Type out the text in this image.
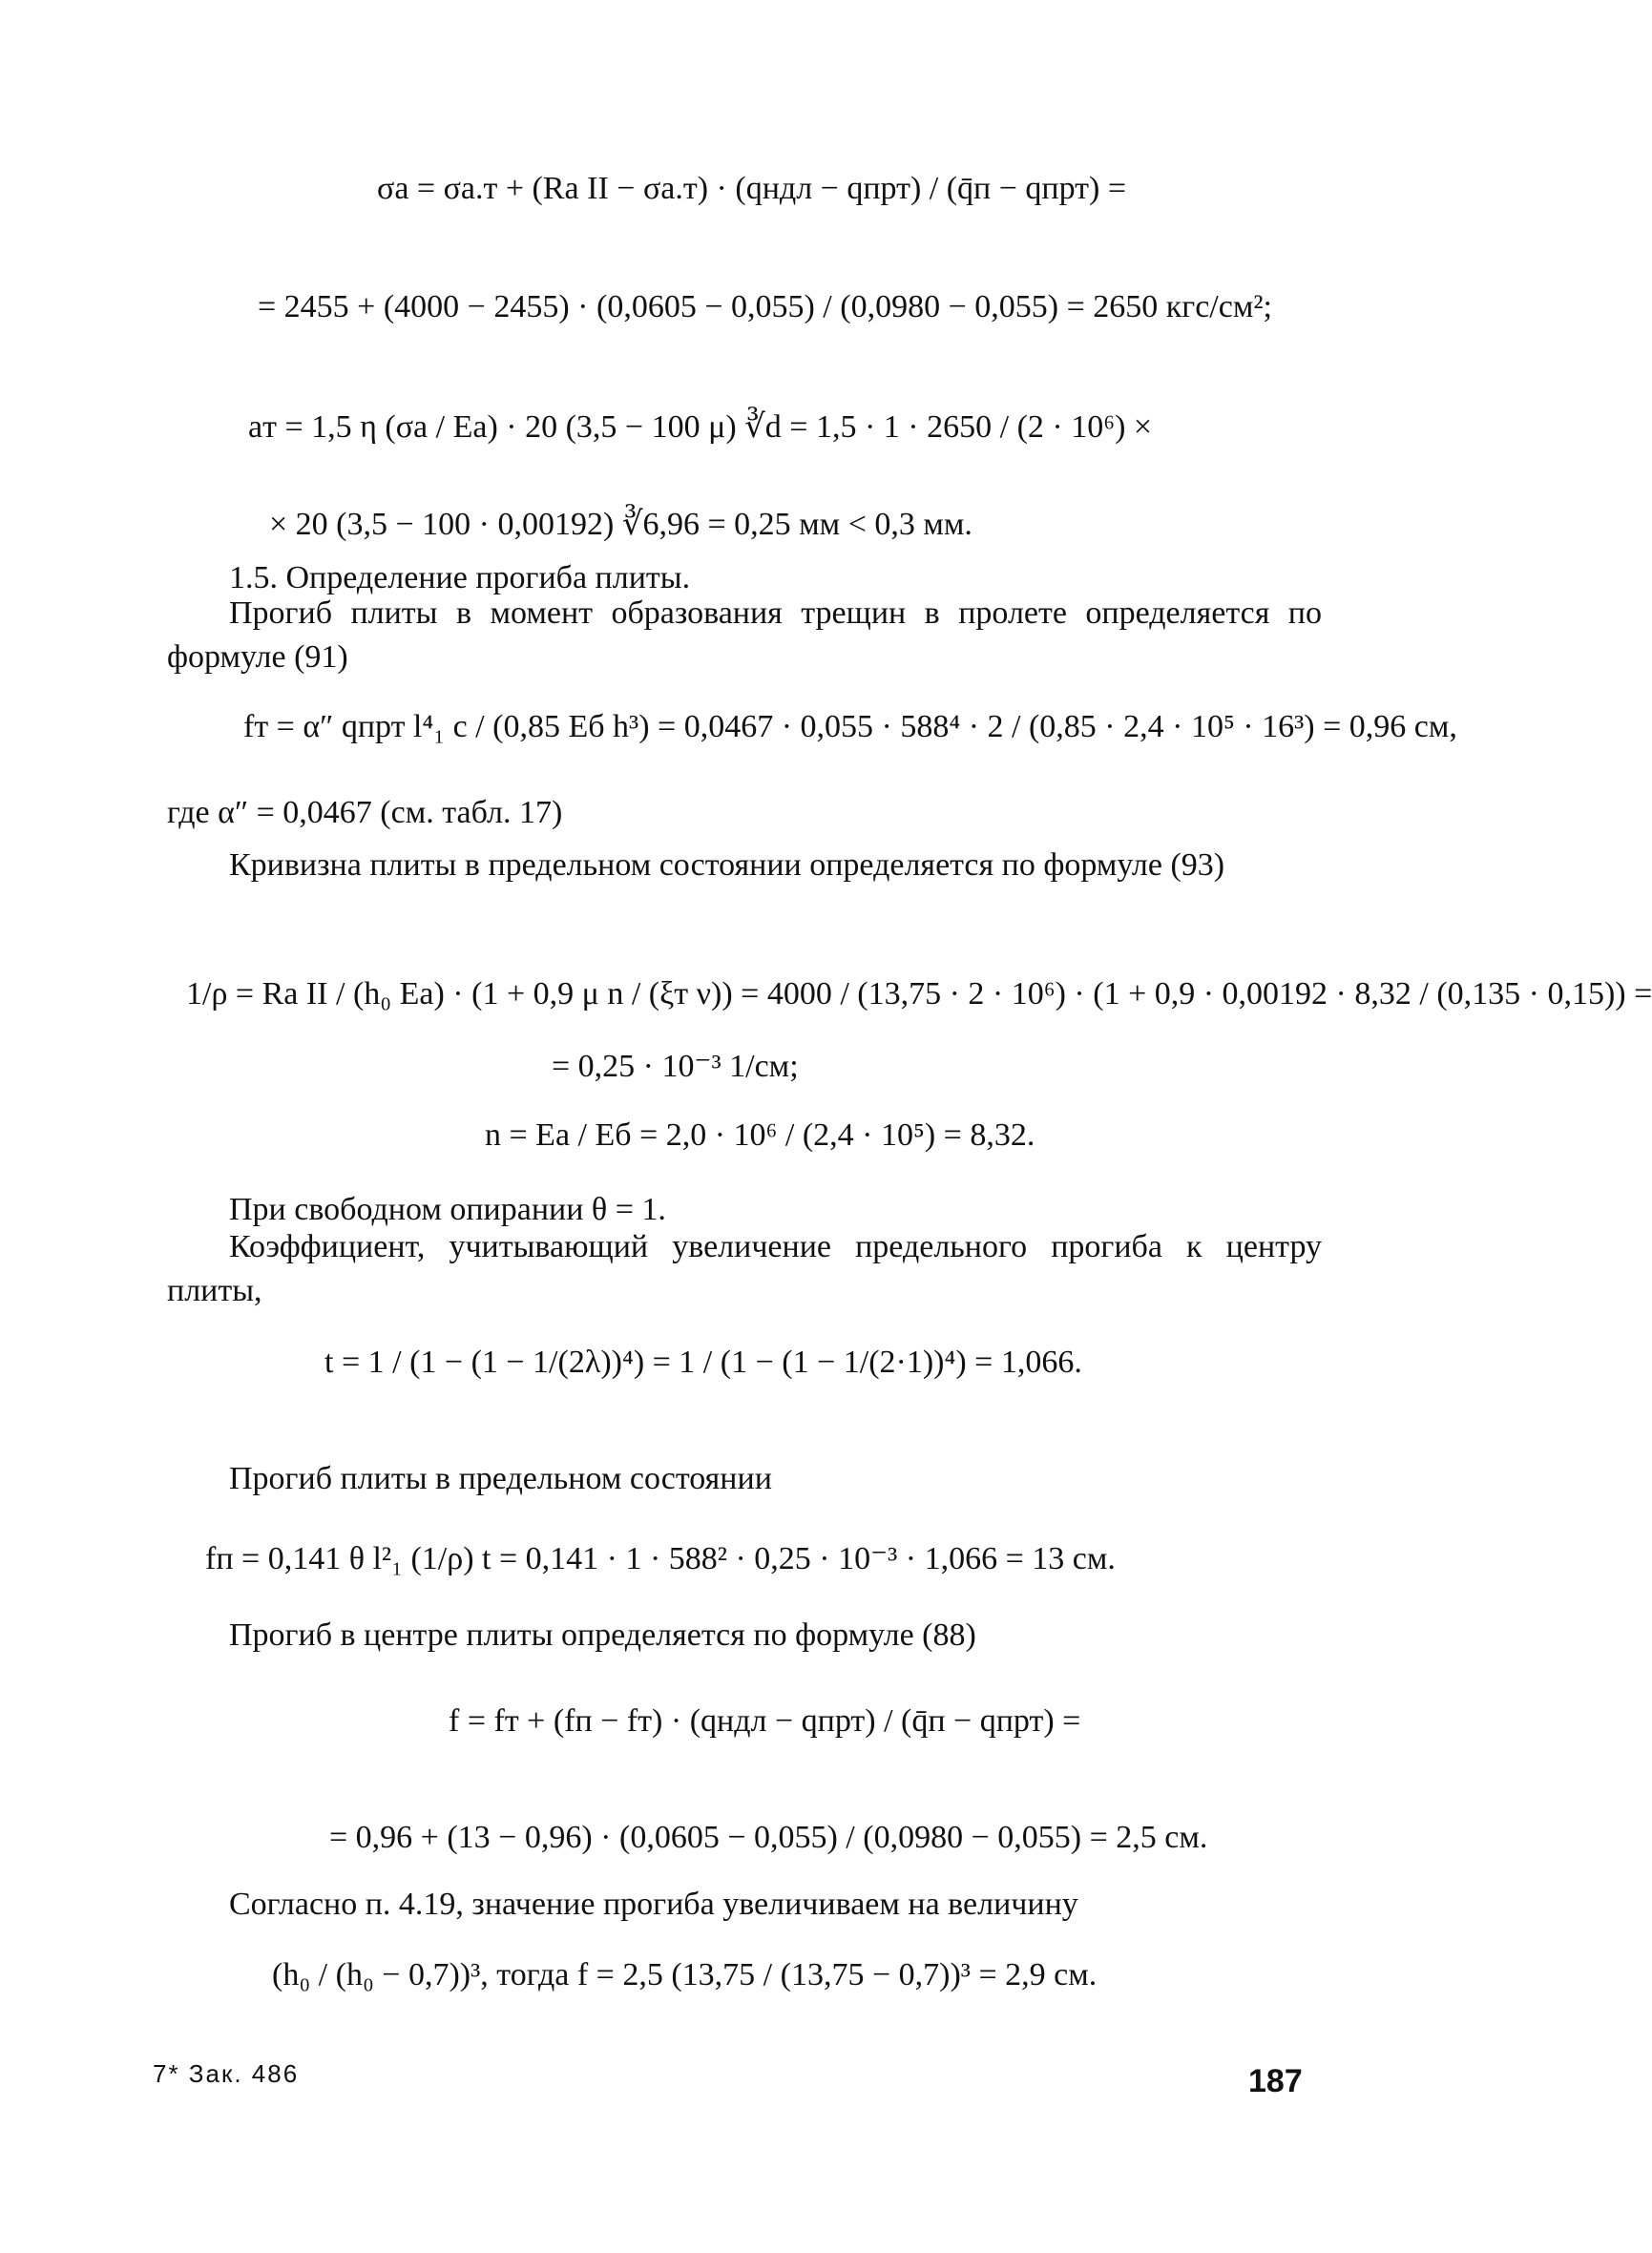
σа = σа.т + (Ra II − σа.т) · (qндл − qпрт) / (q̄п − qпрт) =
= 2455 + (4000 − 2455) · (0,0605 − 0,055) / (0,0980 − 0,055) = 2650 кгс/см²;
aт = 1,5 η (σа / Eа) · 20 (3,5 − 100 μ) ∛d = 1,5 · 1 · 2650 / (2 · 10⁶) ×
× 20 (3,5 − 100 · 0,00192) ∛6,96 = 0,25 мм < 0,3 мм.
1.5. Определение прогиба плиты.
Прогиб плиты в момент образования трещин в пролете определяется по формуле (91)
fт = α″ qпрт l⁴₁ c / (0,85 Eб h³) = 0,0467 · 0,055 · 588⁴ · 2 / (0,85 · 2,4 · 10⁵ · 16³) = 0,96 см,
где α″ = 0,0467 (см. табл. 17)
Кривизна плиты в предельном состоянии определяется по формуле (93)
1/ρ = Ra II / (h₀ Eа) · (1 + 0,9 μ n / (ξт ν)) = 4000 / (13,75 · 2 · 10⁶) · (1 + 0,9 · 0,00192 · 8,32 / (0,135 · 0,15)) =
= 0,25 · 10⁻³ 1/см;
n = Eа / Eб = 2,0 · 10⁶ / (2,4 · 10⁵) = 8,32.
При свободном опирании θ = 1.
Коэффициент, учитывающий увеличение предельного прогиба к центру плиты,
t = 1 / (1 − (1 − 1/(2λ))⁴) = 1 / (1 − (1 − 1/(2·1))⁴) = 1,066.
Прогиб плиты в предельном состоянии
fп = 0,141 θ l²₁ (1/ρ) t = 0,141 · 1 · 588² · 0,25 · 10⁻³ · 1,066 = 13 см.
Прогиб в центре плиты определяется по формуле (88)
f = fт + (fп − fт) · (qндл − qпрт) / (q̄п − qпрт) =
= 0,96 + (13 − 0,96) · (0,0605 − 0,055) / (0,0980 − 0,055) = 2,5 см.
Согласно п. 4.19, значение прогиба увеличиваем на величину
(h₀ / (h₀ − 0,7))³, тогда f = 2,5 (13,75 / (13,75 − 0,7))³ = 2,9 см.
7* Зак. 486	187
